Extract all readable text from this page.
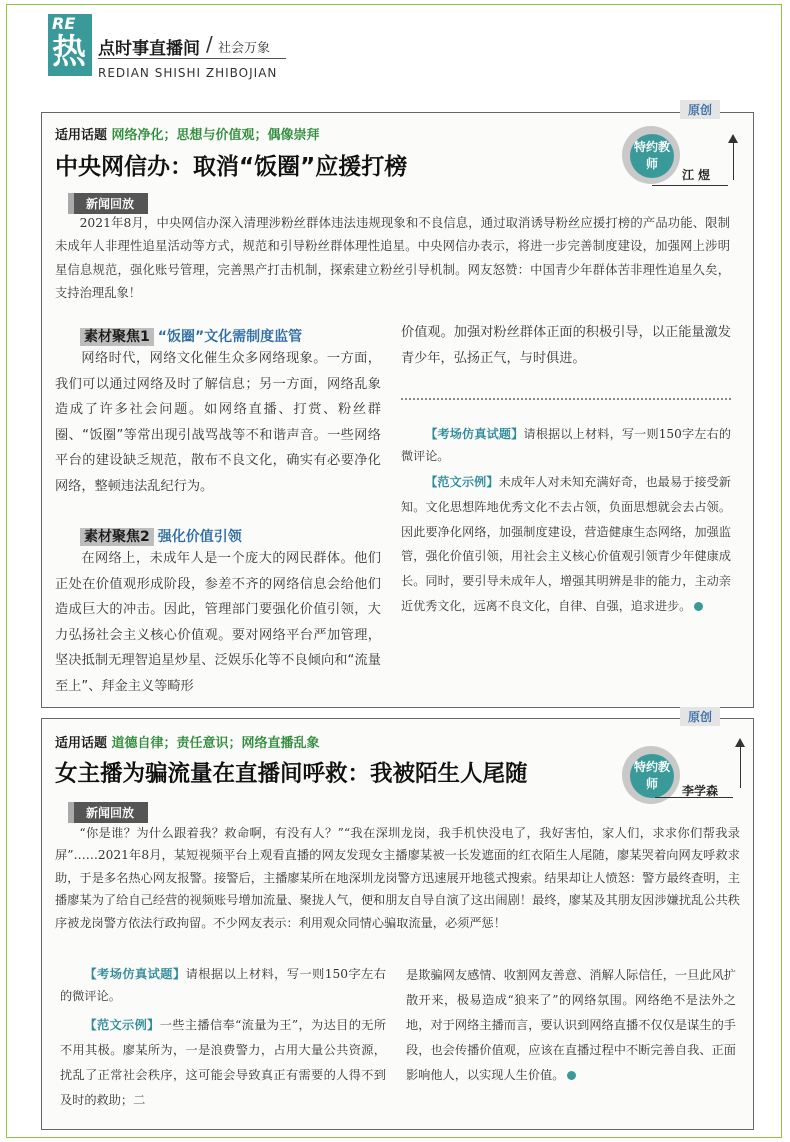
RE
热 点时事直播间 / 社会万象
REDIAN SHISHI ZHIBOJIAN
原创
适用话题 网络净化；思想与价值观；偶像崇拜
中央网信办：取消“饭圈”应援打榜
特约教师
江 煜
新闻回放
2021年8月，中央网信办深入清理涉粉丝群体违法违规现象和不良信息，通过取消诱导粉丝应援打榜的产品功能、限制未成年人非理性追星活动等方式，规范和引导粉丝群体理性追星。中央网信办表示，将进一步完善制度建设，加强网上涉明星信息规范，强化账号管理，完善黑产打击机制，探索建立粉丝引导机制。网友怒赞：中国青少年群体苦非理性追星久矣，支持治理乱象！
素材聚焦1 “饭圈”文化需制度监管
网络时代，网络文化催生众多网络现象。一方面，我们可以通过网络及时了解信息；另一方面，网络乱象造成了许多社会问题。如网络直播、打赏、粉丝群圈、“饭圈”等常出现引战骂战等不和谐声音。一些网络平台的建设缺乏规范，散布不良文化，确实有必要净化网络，整顿违法乱纪行为。
素材聚焦2 强化价值引领
在网络上，未成年人是一个庞大的网民群体。他们正处在价值观形成阶段，参差不齐的网络信息会给他们造成巨大的冲击。因此，管理部门要强化价值引领，大力弘扬社会主义核心价值观。要对网络平台严加管理，坚决抵制无理智追星炒星、泛娱乐化等不良倾向和“流量至上”、拜金主义等畸形
价值观。加强对粉丝群体正面的积极引导，以正能量激发青少年，弘扬正气，与时俱进。
【考场仿真试题】请根据以上材料，写一则150字左右的微评论。
【范文示例】未成年人对未知充满好奇，也最易于接受新知。文化思想阵地优秀文化不去占领，负面思想就会去占领。因此要净化网络，加强制度建设，营造健康生态网络，加强监管，强化价值引领，用社会主义核心价值观引领青少年健康成长。同时，要引导未成年人，增强其明辨是非的能力，主动亲近优秀文化，远离不良文化，自律、自强，追求进步。
原创
适用话题 道德自律；责任意识；网络直播乱象
女主播为骗流量在直播间呼救：我被陌生人尾随	特约教师	李学森
新闻回放
“你是谁？为什么跟着我？救命啊，有没有人？”“我在深圳龙岗，我手机快没电了，我好害怕，家人们，求求你们帮我录屏”……2021年8月，某短视频平台上观看直播的网友发现女主播廖某被一长发遮面的红衣陌生人尾随，廖某哭着向网友呼救求助，于是多名热心网友报警。接警后，主播廖某所在地深圳龙岗警方迅速展开地毯式搜索。结果却让人愤怒：警方最终查明，主播廖某为了给自己经营的视频账号增加流量、聚拢人气，便和朋友自导自演了这出闹剧！最终，廖某及其朋友因涉嫌扰乱公共秩序被龙岗警方依法行政拘留。不少网友表示：利用观众同情心骗取流量，必须严惩！
【考场仿真试题】请根据以上材料，写一则150字左右的微评论。
【范文示例】一些主播信奉“流量为王”，为达目的无所不用其极。廖某所为，一是浪费警力，占用大量公共资源，扰乱了正常社会秩序，这可能会导致真正有需要的人得不到及时的救助；二
是欺骗网友感情、收割网友善意、消解人际信任，一旦此风扩散开来，极易造成“狼来了”的网络氛围。网络绝不是法外之地，对于网络主播而言，要认识到网络直播不仅仅是谋生的手段，也会传播价值观，应该在直播过程中不断完善自我、正面影响他人，以实现人生价值。
